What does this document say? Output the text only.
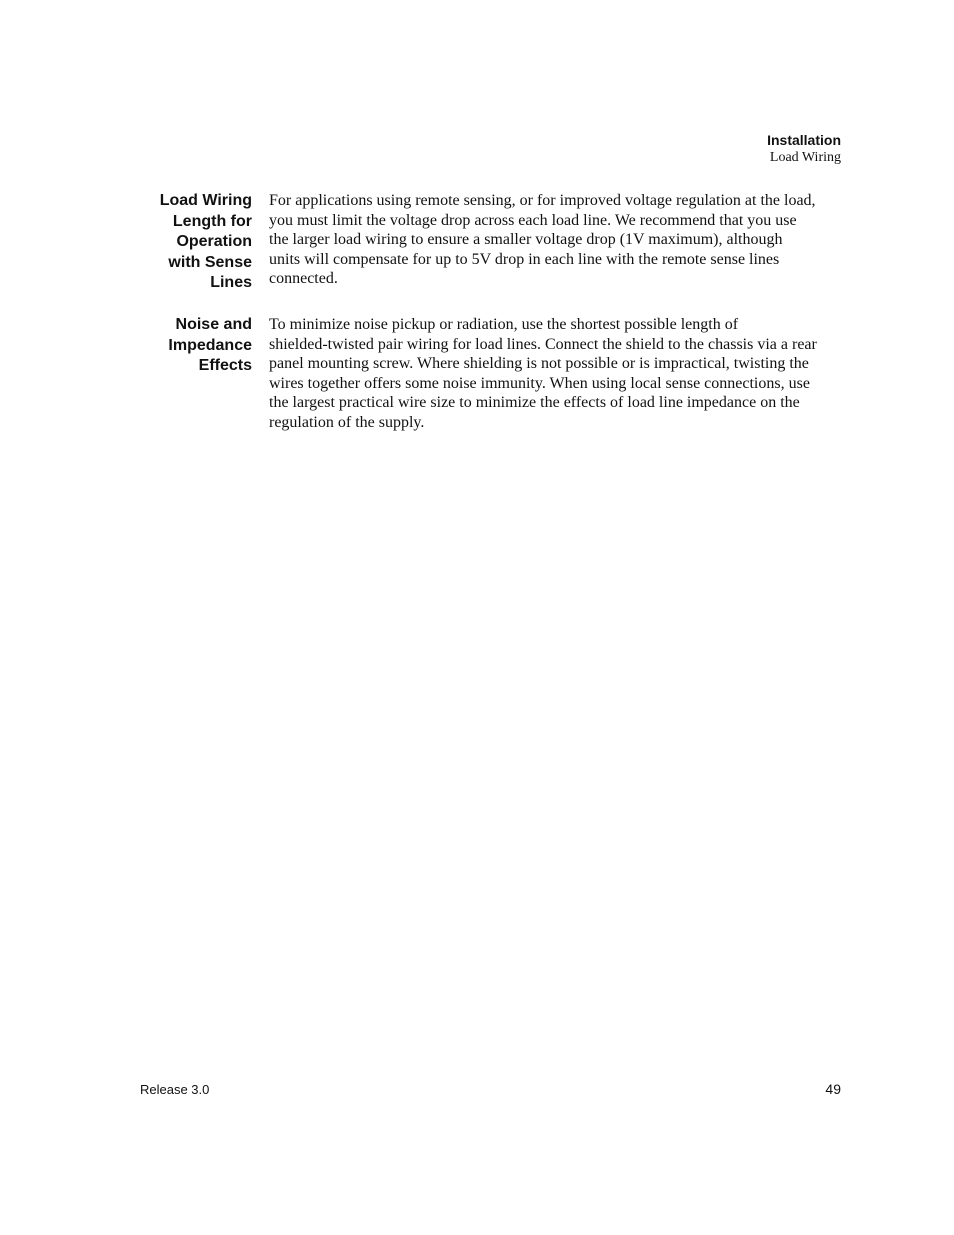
Installation
Load Wiring
Load Wiring
Length for
Operation
with Sense
Lines
For applications using remote sensing, or for improved voltage regulation at the load,
you must limit the voltage drop across each load line. We recommend that you use
the larger load wiring to ensure a smaller voltage drop (1V maximum), although
units will compensate for up to 5V drop in each line with the remote sense lines
connected.
Noise and
Impedance
Effects
To minimize noise pickup or radiation, use the shortest possible length of
shielded-twisted pair wiring for load lines. Connect the shield to the chassis via a rear
panel mounting screw. Where shielding is not possible or is impractical, twisting the
wires together offers some noise immunity. When using local sense connections, use
the largest practical wire size to minimize the effects of load line impedance on the
regulation of the supply.
Release 3.0	49
